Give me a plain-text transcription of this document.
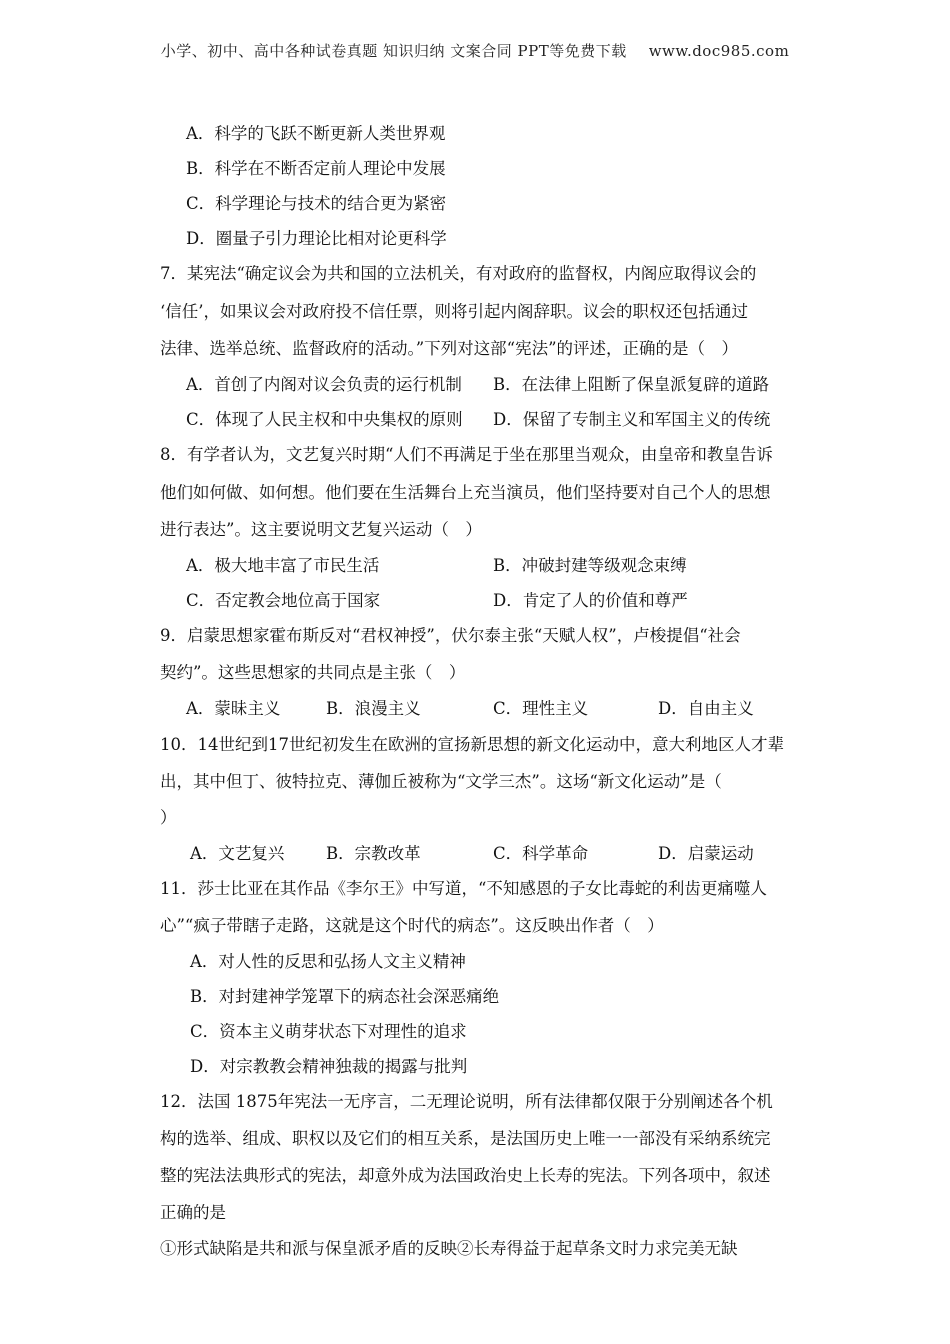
小学、初中、高中各种试卷真题 知识归纳 文案合同 PPT等免费下载 www.doc985.com
A．科学的飞跃不断更新人类世界观
B．科学在不断否定前人理论中发展
C．科学理论与技术的结合更为紧密
D．圈量子引力理论比相对论更科学
7．某宪法“确定议会为共和国的立法机关，有对政府的监督权，内阁应取得议会的
‘信任’，如果议会对政府投不信任票，则将引起内阁辞职。议会的职权还包括通过
法律、选举总统、监督政府的活动。”下列对这部“宪法”的评述，正确的是（　）
A．首创了内阁对议会负责的运行机制 B．在法律上阻断了保皇派复辟的道路
C．体现了人民主权和中央集权的原则 D．保留了专制主义和军国主义的传统
8．有学者认为，文艺复兴时期“人们不再满足于坐在那里当观众，由皇帝和教皇告诉
他们如何做、如何想。他们要在生活舞台上充当演员，他们坚持要对自己个人的思想
进行表达”。这主要说明文艺复兴运动（　）
A．极大地丰富了市民生活	B．冲破封建等级观念束缚
C．否定教会地位高于国家	D．肯定了人的价值和尊严
9．启蒙思想家霍布斯反对“君权神授”，伏尔泰主张“天赋人权”，卢梭提倡“社会
契约”。这些思想家的共同点是主张（　）
A．蒙昧主义	B．浪漫主义	C．理性主义	D．自由主义
10．14世纪到17世纪初发生在欧洲的宣扬新思想的新文化运动中，意大利地区人才辈
出，其中但丁、彼特拉克、薄伽丘被称为“文学三杰”。这场“新文化运动”是（
）
A．文艺复兴	B．宗教改革	C．科学革命	D．启蒙运动
11．莎士比亚在其作品《李尔王》中写道，“不知感恩的子女比毒蛇的利齿更痛噬人
心”“疯子带瞎子走路，这就是这个时代的病态”。这反映出作者（　）
A．对人性的反思和弘扬人文主义精神
B．对封建神学笼罩下的病态社会深恶痛绝
C．资本主义萌芽状态下对理性的追求
D．对宗教教会精神独裁的揭露与批判
12．法国 1875年宪法一无序言，二无理论说明，所有法律都仅限于分别阐述各个机
构的选举、组成、职权以及它们的相互关系，是法国历史上唯一一部没有采纳系统完
整的宪法法典形式的宪法，却意外成为法国政治史上长寿的宪法。下列各项中，叙述
正确的是
①形式缺陷是共和派与保皇派矛盾的反映②长寿得益于起草条文时力求完美无缺
